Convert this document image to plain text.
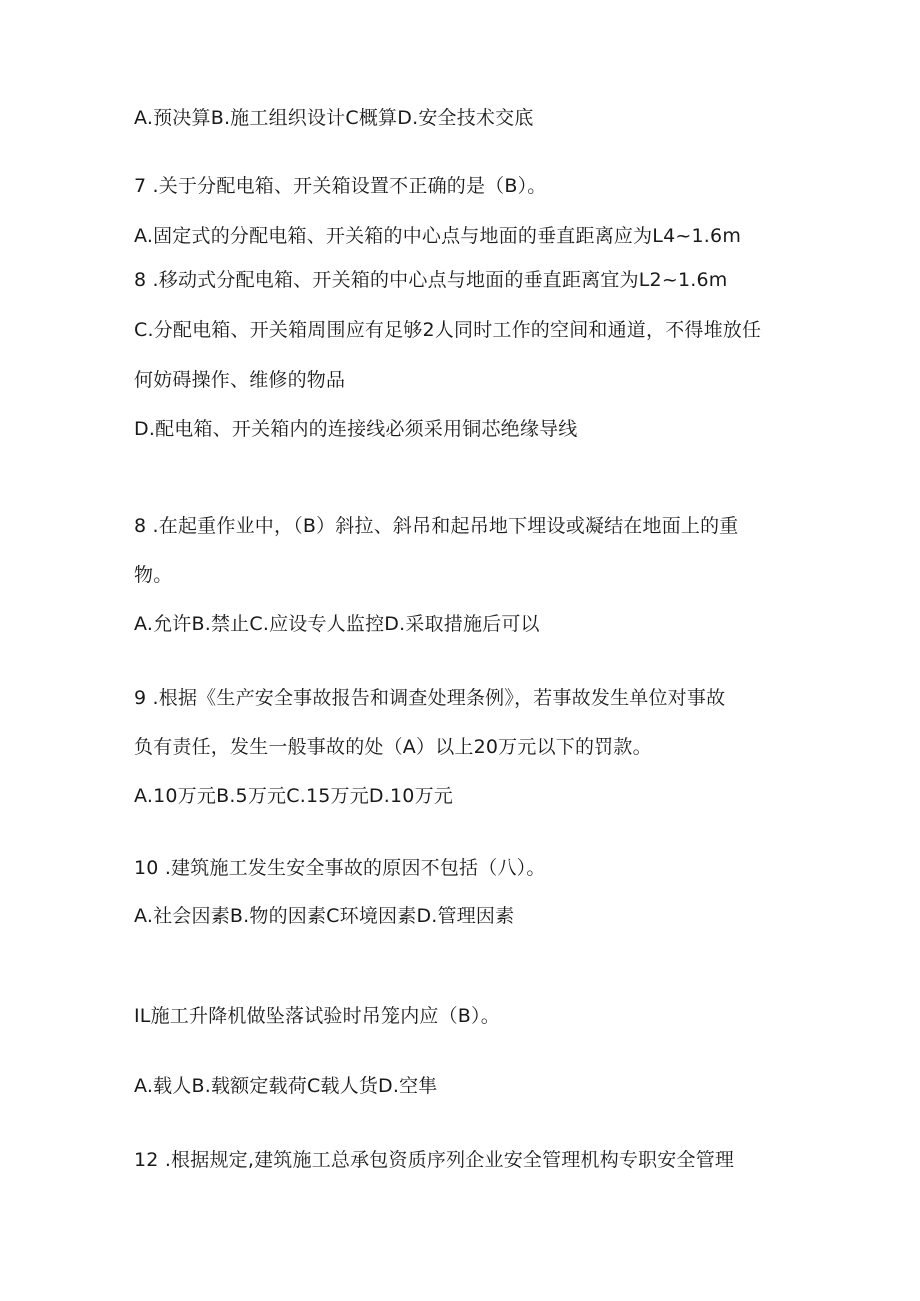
A.预决算B.施工组织设计C概算D.安全技术交底
7 .关于分配电箱、开关箱设置不正确的是（B）。
A.固定式的分配电箱、开关箱的中心点与地面的垂直距离应为L4~1.6m
8 .移动式分配电箱、开关箱的中心点与地面的垂直距离宜为L2~1.6m
C.分配电箱、开关箱周围应有足够2人同时工作的空间和通道，不得堆放任
何妨碍操作、维修的物品
D.配电箱、开关箱内的连接线必须采用铜芯绝缘导线
8 .在起重作业中，（B）斜拉、斜吊和起吊地下埋设或凝结在地面上的重
物。
A.允许B.禁止C.应设专人监控D.采取措施后可以
9 .根据《生产安全事故报告和调查处理条例》，若事故发生单位对事故
负有责任，发生一般事故的处（A）以上20万元以下的罚款。
A.10万元B.5万元C.15万元D.10万元
10 .建筑施工发生安全事故的原因不包括（八）。
A.社会因素B.物的因素C环境因素D.管理因素
IL施工升降机做坠落试验时吊笼内应（B）。
A.载人B.载额定载荷C载人货D.空隼
12 .根据规定,建筑施工总承包资质序列企业安全管理机构专职安全管理
